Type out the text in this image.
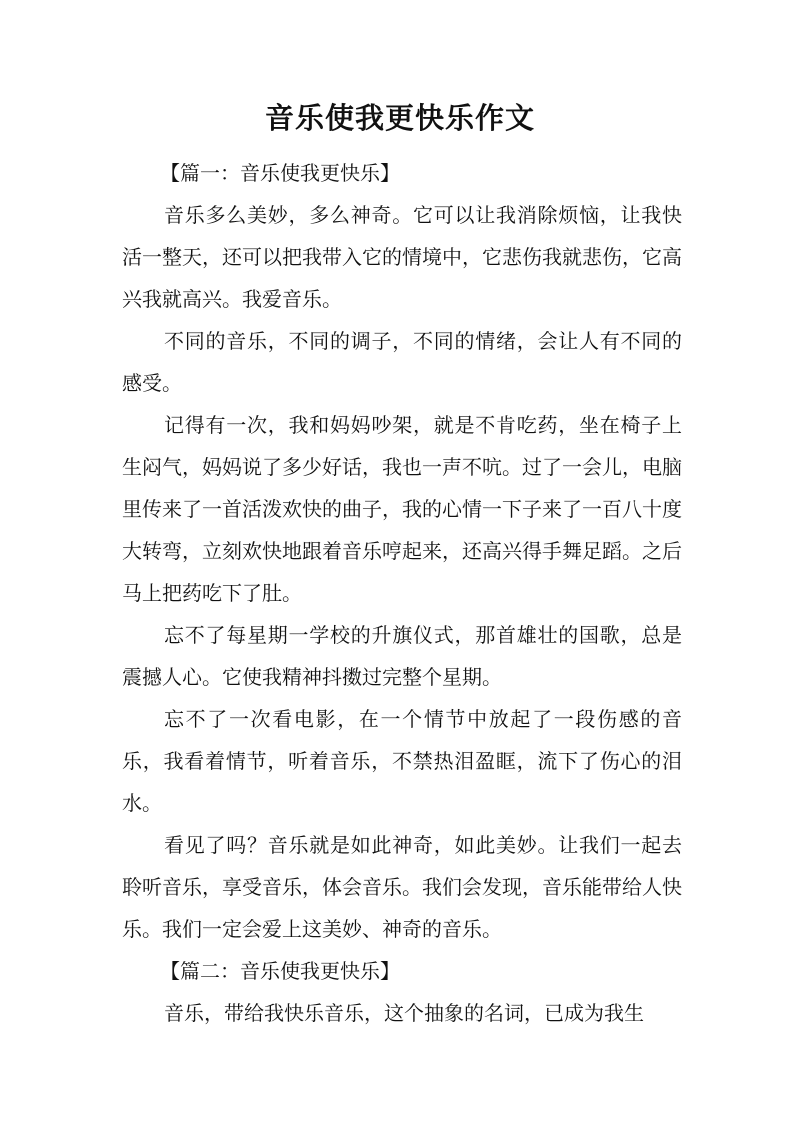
音乐使我更快乐作文

【篇一：音乐使我更快乐】

音乐多么美妙，多么神奇。它可以让我消除烦恼，让我快活一整天，还可以把我带入它的情境中，它悲伤我就悲伤，它高兴我就高兴。我爱音乐。

不同的音乐，不同的调子，不同的情绪，会让人有不同的感受。

记得有一次，我和妈妈吵架，就是不肯吃药，坐在椅子上生闷气，妈妈说了多少好话，我也一声不吭。过了一会儿，电脑里传来了一首活泼欢快的曲子，我的心情一下子来了一百八十度大转弯，立刻欢快地跟着音乐哼起来，还高兴得手舞足蹈。之后马上把药吃下了肚。

忘不了每星期一学校的升旗仪式，那首雄壮的国歌，总是震撼人心。它使我精神抖擞过完整个星期。

忘不了一次看电影，在一个情节中放起了一段伤感的音乐，我看着情节，听着音乐，不禁热泪盈眶，流下了伤心的泪水。

看见了吗？音乐就是如此神奇，如此美妙。让我们一起去聆听音乐，享受音乐，体会音乐。我们会发现，音乐能带给人快乐。我们一定会爱上这美妙、神奇的音乐。

【篇二：音乐使我更快乐】

音乐，带给我快乐音乐，这个抽象的名词，已成为我生
